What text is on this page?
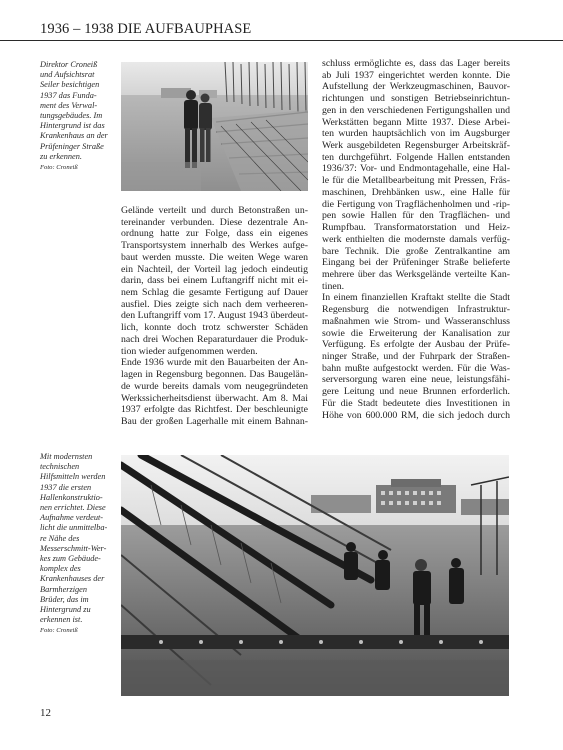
1936 – 1938 DIE AUFBAUPHASE
Direktor Croneiß
und Aufsichtsrat
Seiler besichtigen
1937 das Funda-
ment des Verwal-
tungsgebäudes. Im
Hintergrund ist das
Krankenhaus an der
Prüfeninger Straße
zu erkennen.
Foto: Croneiß
Gelände verteilt und durch Betonstraßen un-
tereinander verbunden. Diese dezentrale An-
ordnung hatte zur Folge, dass ein eigenes
Transportsystem innerhalb des Werkes aufge-
baut werden musste. Die weiten Wege waren
ein Nachteil, der Vorteil lag jedoch eindeutig
darin, dass bei einem Luftangriff nicht mit ei-
nem Schlag die gesamte Fertigung auf Dauer
ausfiel. Dies zeigte sich nach dem verheeren-
den Luftangriff vom 17. August 1943 überdeut-
lich, konnte doch trotz schwerster Schäden
nach drei Wochen Reparaturdauer die Produk-
tion wieder aufgenommen werden.
Ende 1936 wurde mit den Bauarbeiten der An-
lagen in Regensburg begonnen. Das Baugelän-
de wurde bereits damals vom neugegründeten
Werkssicherheitsdienst überwacht. Am 8. Mai
1937 erfolgte das Richtfest. Der beschleunigte
Bau der großen Lagerhalle mit einem Bahnan-
schluss ermöglichte es, dass das Lager bereits
ab Juli 1937 eingerichtet werden konnte. Die
Aufstellung der Werkzeugmaschinen, Bauvor-
richtungen und sonstigen Betriebseinrichtun-
gen in den verschiedenen Fertigungshallen und
Werkstätten begann Mitte 1937. Diese Arbei-
ten wurden hauptsächlich von im Augsburger
Werk ausgebildeten Regensburger Arbeitskräf-
ten durchgeführt. Folgende Hallen entstanden
1936/37: Vor- und Endmontagehalle, eine Hal-
le für die Metallbearbeitung mit Pressen, Fräs-
maschinen, Drehbänken usw., eine Halle für
die Fertigung von Tragflächenholmen und -rip-
pen sowie Hallen für den Tragflächen- und
Rumpfbau. Transformatorstation und Heiz-
werk enthielten die modernste damals verfüg-
bare Technik. Die große Zentralkantine am
Eingang bei der Prüfeninger Straße belieferte
mehrere über das Werksgelände verteilte Kan-
tinen.
In einem finanziellen Kraftakt stellte die Stadt
Regensburg die notwendigen Infrastruktur-
maßnahmen wie Strom- und Wasseranschluss
sowie die Erweiterung der Kanalisation zur
Verfügung. Es erfolgte der Ausbau der Prüfe-
ninger Straße, und der Fuhrpark der Straßen-
bahn mußte aufgestockt werden. Für die Was-
serversorgung waren eine neue, leistungsfähi-
gere Leitung und neue Brunnen erforderlich.
Für die Stadt bedeutete dies Investitionen in
Höhe von 600.000 RM, die sich jedoch durch
Mit modernsten
technischen
Hilfsmitteln werden
1937 die ersten
Hallenkonstruktio-
nen errichtet. Diese
Aufnahme verdeut-
licht die unmittelba-
re Nähe des
Messerschmitt-Wer-
kes zum Gebäude-
komplex des
Krankenhauses der
Barmherzigen
Brüder, das im
Hintergrund zu
erkennen ist.
Foto: Croneiß
12
